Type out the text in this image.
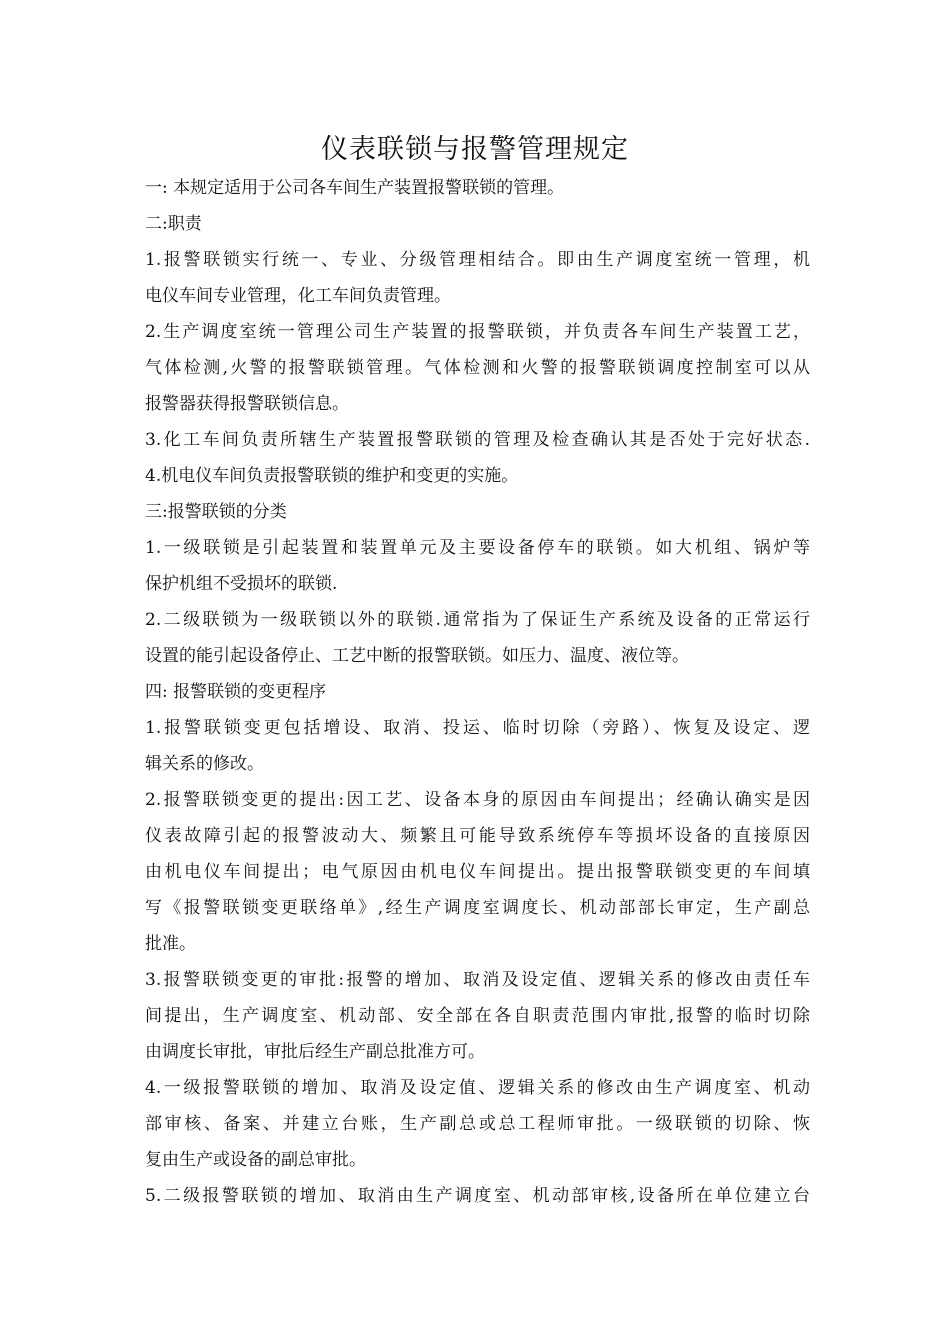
仪表联锁与报警管理规定
一: 本规定适用于公司各车间生产装置报警联锁的管理。
二:职责
1.报警联锁实行统一、专业、分级管理相结合。即由生产调度室统一管理，机
电仪车间专业管理，化工车间负责管理。
2.生产调度室统一管理公司生产装置的报警联锁，并负责各车间生产装置工艺，
气体检测,火警的报警联锁管理。气体检测和火警的报警联锁调度控制室可以从
报警器获得报警联锁信息。
3.化工车间负责所辖生产装置报警联锁的管理及检查确认其是否处于完好状态.
4.机电仪车间负责报警联锁的维护和变更的实施。
三:报警联锁的分类
1.一级联锁是引起装置和装置单元及主要设备停车的联锁。如大机组、锅炉等
保护机组不受损坏的联锁.
2.二级联锁为一级联锁以外的联锁.通常指为了保证生产系统及设备的正常运行
设置的能引起设备停止、工艺中断的报警联锁。如压力、温度、液位等。
四: 报警联锁的变更程序
1.报警联锁变更包括增设、取消、投运、临时切除（旁路）、恢复及设定、逻
辑关系的修改。
2.报警联锁变更的提出:因工艺、设备本身的原因由车间提出；经确认确实是因
仪表故障引起的报警波动大、频繁且可能导致系统停车等损坏设备的直接原因
由机电仪车间提出；电气原因由机电仪车间提出。提出报警联锁变更的车间填
写《报警联锁变更联络单》,经生产调度室调度长、机动部部长审定，生产副总
批准。
3.报警联锁变更的审批:报警的增加、取消及设定值、逻辑关系的修改由责任车
间提出，生产调度室、机动部、安全部在各自职责范围内审批,报警的临时切除
由调度长审批，审批后经生产副总批准方可。
4.一级报警联锁的增加、取消及设定值、逻辑关系的修改由生产调度室、机动
部审核、备案、并建立台账，生产副总或总工程师审批。一级联锁的切除、恢
复由生产或设备的副总审批。
5.二级报警联锁的增加、取消由生产调度室、机动部审核,设备所在单位建立台
